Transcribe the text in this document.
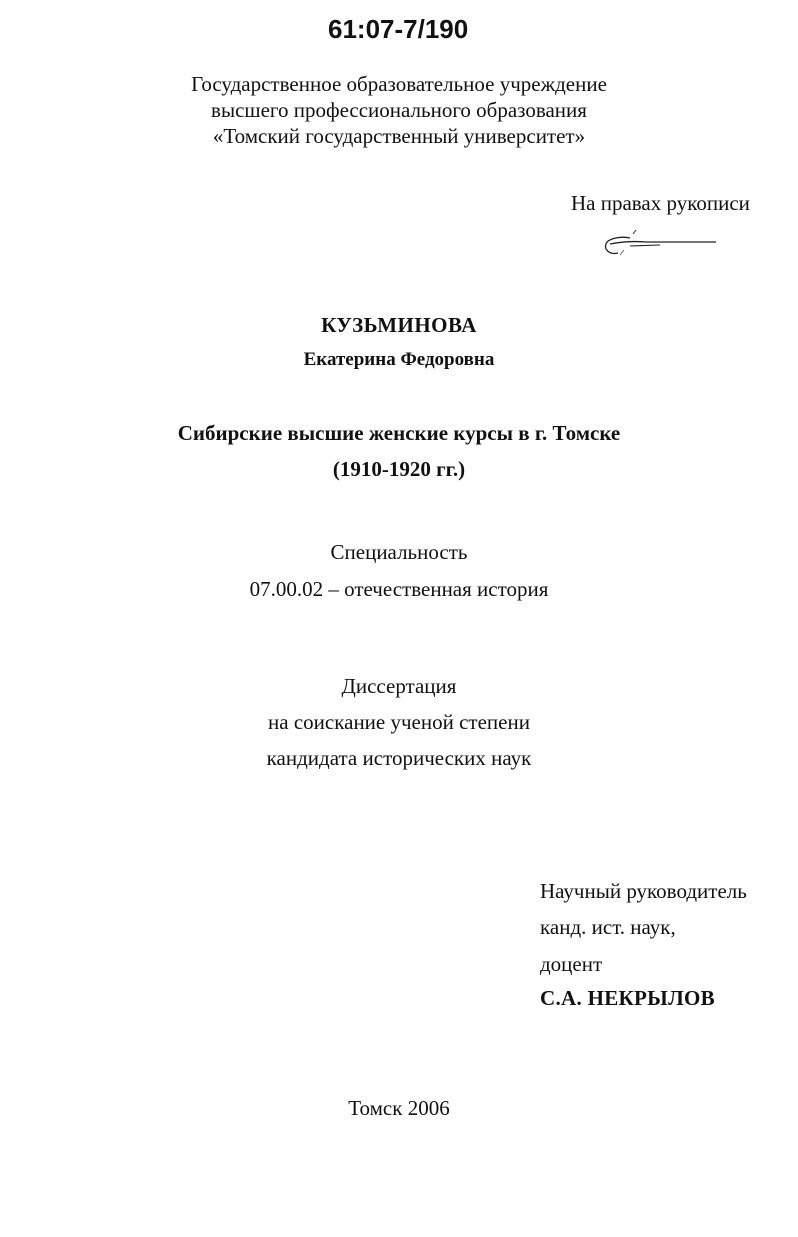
61:07-7/190
Государственное образовательное учреждение
высшего профессионального образования
«Томский государственный университет»
На правах рукописи
КУЗЬМИНОВА
Екатерина Федоровна
Сибирские высшие женские курсы в г. Томске
(1910-1920 гг.)
Специальность
07.00.02 – отечественная история
Диссертация
на соискание ученой степени
кандидата исторических наук
Научный руководитель
канд. ист. наук,
доцент
С.А. НЕКРЫЛОВ
Томск 2006
